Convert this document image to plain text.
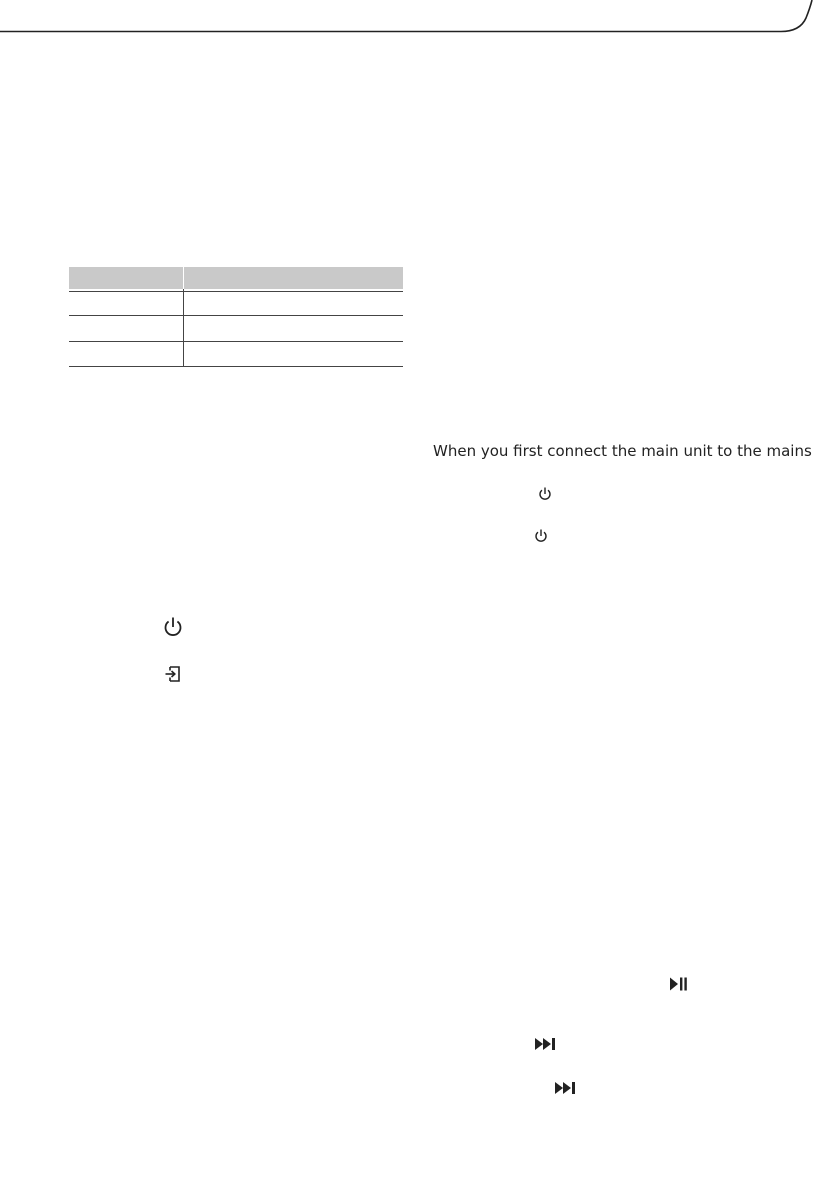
When you first connect the main unit to the mains
